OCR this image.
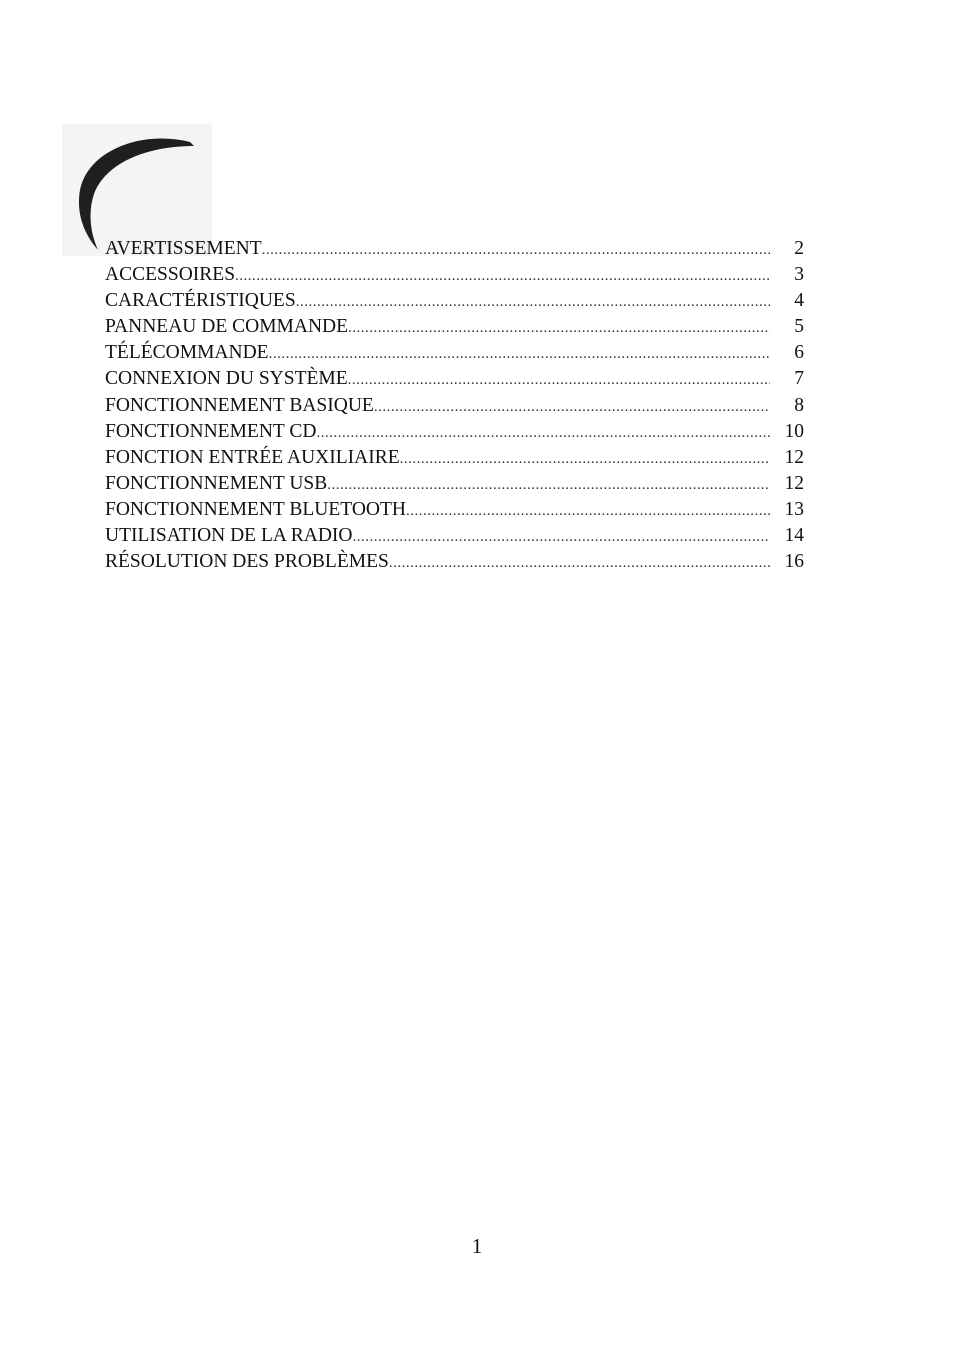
AVERTISSEMENT .....	2
ACCESSOIRES .....	3
CARACTÉRISTIQUES .....	4
PANNEAU DE COMMANDE .....	5
TÉLÉCOMMANDE .....	6
CONNEXION DU SYSTÈME .....	7
FONCTIONNEMENT BASIQUE .....	8
FONCTIONNEMENT CD .....	10
FONCTION ENTRÉE AUXILIAIRE .....	12
FONCTIONNEMENT USB .....	12
FONCTIONNEMENT BLUETOOTH .....	13
UTILISATION DE LA RADIO .....	14
RÉSOLUTION DES PROBLÈMES .....	16
1
